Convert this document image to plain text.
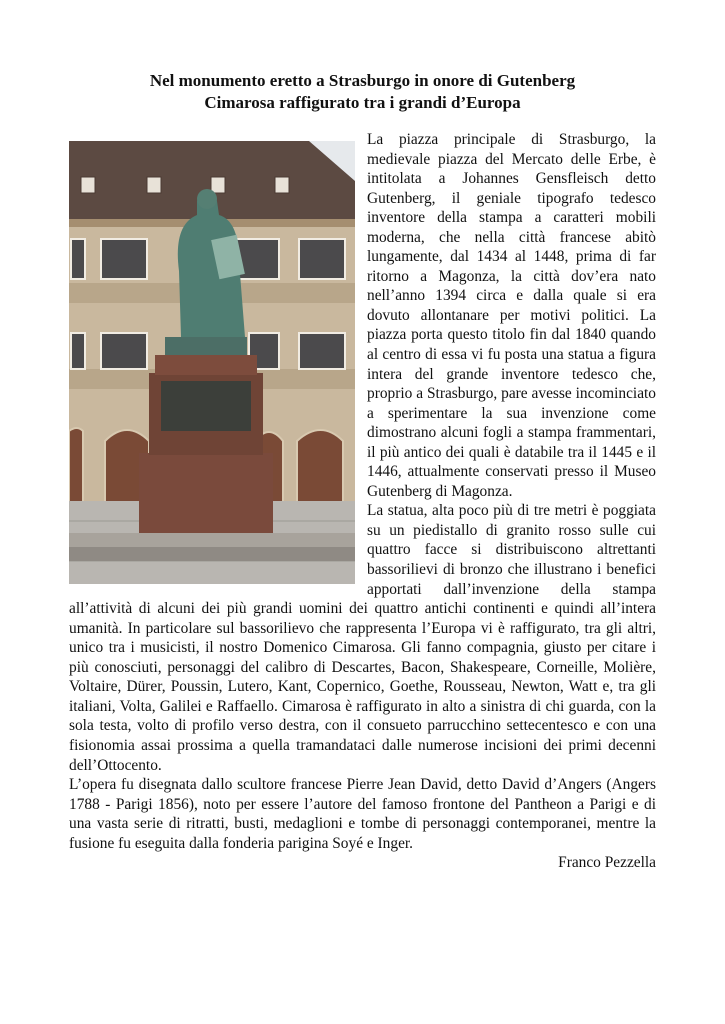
Nel monumento eretto a Strasburgo in onore di Gutenberg
Cimarosa raffigurato tra i grandi d’Europa

La piazza principale di Strasburgo, la medievale piazza del Mercato delle Erbe, è intitolata a Johannes Gensfleisch detto Gutenberg, il geniale tipografo tedesco inventore della stampa a caratteri mobili moderna, che nella città francese abitò lungamente, dal 1434 al 1448, prima di far ritorno a Magonza, la città dov’era nato nell’anno 1394 circa e dalla quale si era dovuto allontanare per motivi politici. La piazza porta questo titolo fin dal 1840 quando al centro di essa vi fu posta una statua a figura intera del grande inventore tedesco che, proprio a Strasburgo, pare avesse incominciato a sperimentare la sua invenzione come dimostrano alcuni fogli a stampa frammentari, il più antico dei quali è databile tra il 1445 e il 1446, attualmente conservati presso il Museo Gutenberg di Magonza.

La statua, alta poco più di tre metri è poggiata su un piedistallo di granito rosso sulle cui quattro facce si distribuiscono altrettanti bassorilievi di bronzo che illustrano i benefici apportati dall’invenzione della stampa all’attività di alcuni dei più grandi uomini dei quattro antichi continenti e quindi all’intera umanità. In particolare sul bassorilievo che rappresenta l’Europa vi è raffigurato, tra gli altri, unico tra i musicisti, il nostro Domenico Cimarosa. Gli fanno compagnia, giusto per citare i più conosciuti, personaggi del calibro di Descartes, Bacon, Shakespeare, Corneille, Molière, Voltaire, Dürer, Poussin, Lutero, Kant, Copernico, Goethe, Rousseau, Newton, Watt e, tra gli italiani, Volta, Galilei e Raffaello. Cimarosa è raffigurato in alto a sinistra di chi guarda, con la sola testa, volto di profilo verso destra, con il consueto parrucchino settecentesco e con una fisionomia assai prossima a quella tramandataci dalle numerose incisioni dei primi decenni dell’Ottocento.

L’opera fu disegnata dallo scultore francese Pierre Jean David, detto David d’Angers (Angers 1788 - Parigi 1856), noto per essere l’autore del famoso frontone del Pantheon a Parigi e di una vasta serie di ritratti, busti, medaglioni e tombe di personaggi contemporanei, mentre la fusione fu eseguita dalla fonderia parigina Soyé e Inger.

Franco Pezzella
